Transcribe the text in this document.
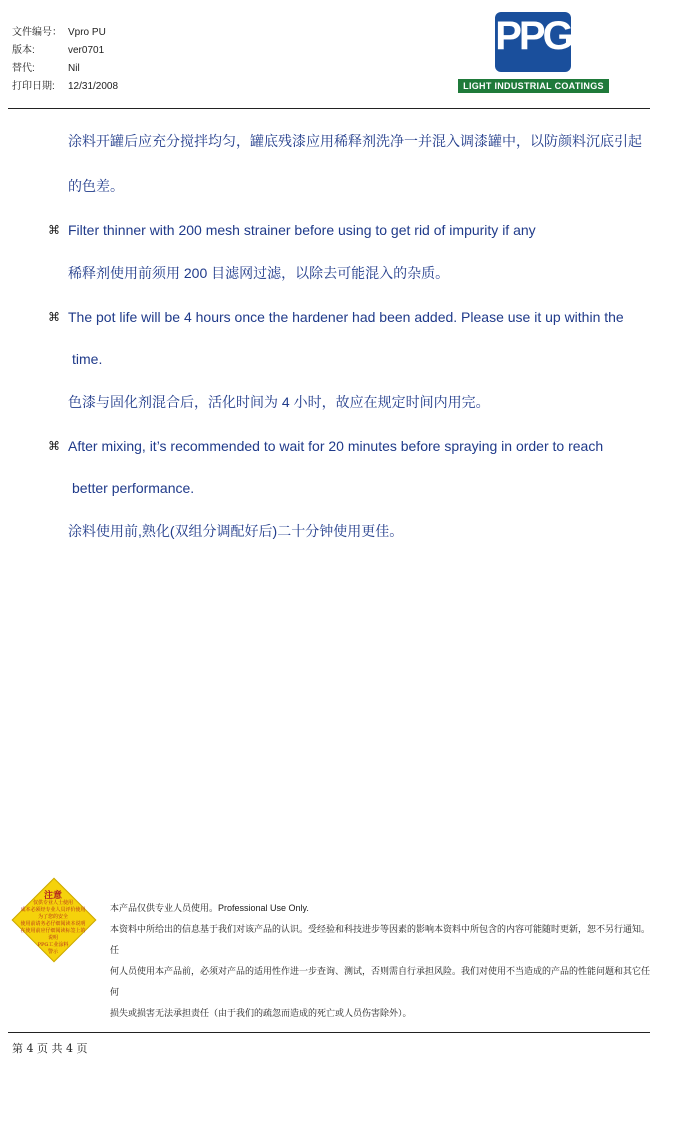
文件编号： Vpro PU
版本:	ver0701
替代:	Nil
打印日期:	12/31/2008
PPG
LIGHT INDUSTRIAL COATINGS
涂料开罐后应充分搅拌均匀，罐底残漆应用稀释剂洗净一并混入调漆罐中，以防颜料沉底引起
的色差。
⌘ Filter thinner with 200 mesh strainer before using to get rid of impurity if any
稀释剂使用前须用 200 目滤网过滤，以除去可能混入的杂质。
⌘ The pot life will be 4 hours once the hardener had been added. Please use it up within the
time.
色漆与固化剂混合后，活化时间为 4 小时，故应在规定时间内用完。
⌘ After mixing, it’s recommended to wait for 20 minutes before spraying in order to reach
better performance.
涂料使用前,熟化(双组分调配好后)二十分钟使用更佳。
注意
仅供专业人士使用
成本必须经专业人员评价使用
为了您的安全
使用前请务必仔细阅读本说明
在使用前应仔细阅读标签上的说明
PPG工业涂料
警示
本产品仅供专业人员使用。Professional Use Only.
本资料中所给出的信息基于我们对该产品的认识。受经验和科技进步等因素的影响本资料中所包含的内容可能随时更新，恕不另行通知。任
何人员使用本产品前，必须对产品的适用性作进一步查询、测试，否则需自行承担风险。我们对使用不当造成的产品的性能问题和其它任何
损失或损害无法承担责任（由于我们的疏忽而造成的死亡或人员伤害除外）。
第 4 页 共 4 页
